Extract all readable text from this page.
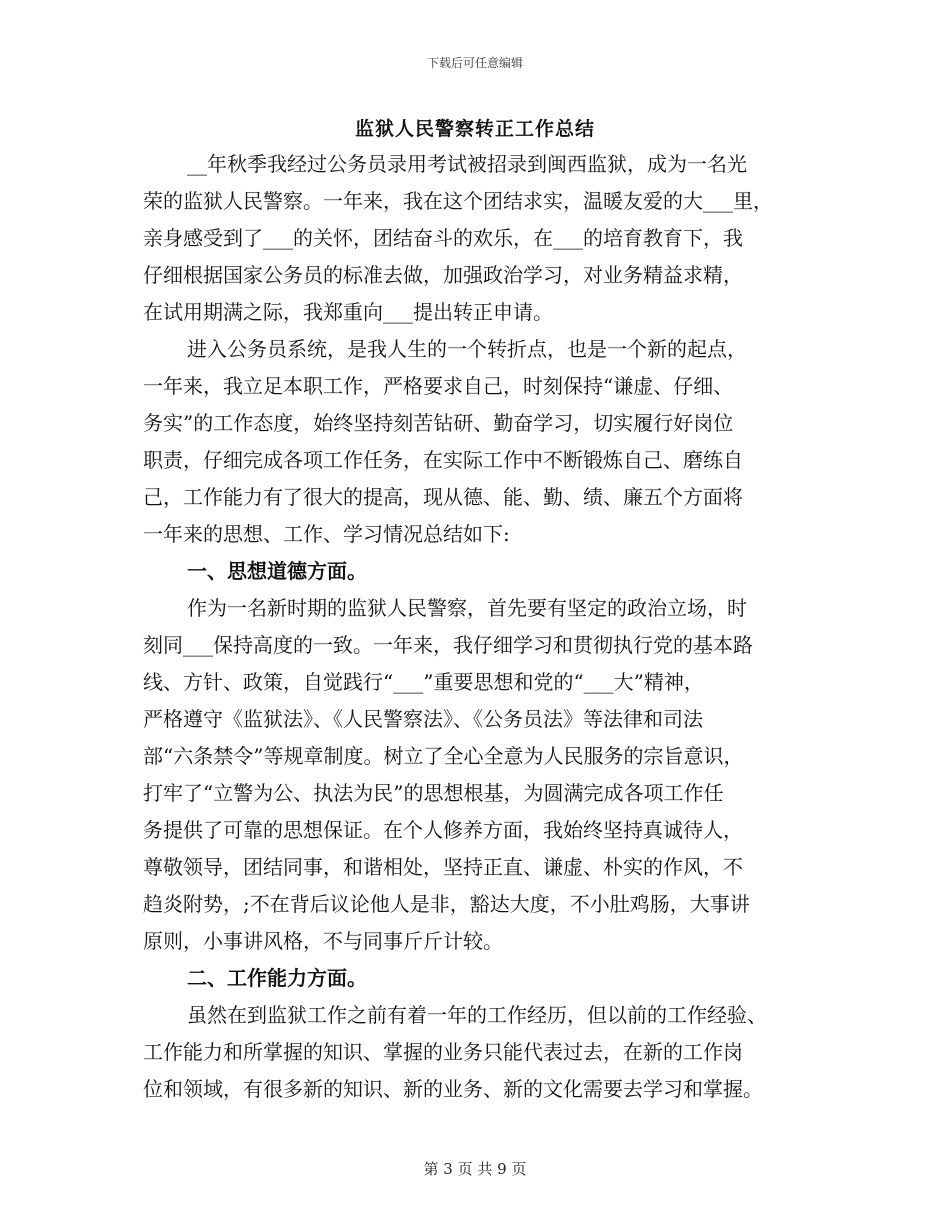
下载后可任意编辑
监狱人民警察转正工作总结
__年秋季我经过公务员录用考试被招录到闽西监狱，成为一名光
荣的监狱人民警察。一年来，我在这个团结求实，温暖友爱的大___里，
亲身感受到了___的关怀，团结奋斗的欢乐，在___的培育教育下，我
仔细根据国家公务员的标准去做，加强政治学习，对业务精益求精，
在试用期满之际，我郑重向___提出转正申请。
进入公务员系统，是我人生的一个转折点，也是一个新的起点，
一年来，我立足本职工作，严格要求自己，时刻保持“谦虚、仔细、
务实”的工作态度，始终坚持刻苦钻研、勤奋学习，切实履行好岗位
职责，仔细完成各项工作任务，在实际工作中不断锻炼自己、磨练自
己，工作能力有了很大的提高，现从德、能、勤、绩、廉五个方面将
一年来的思想、工作、学习情况总结如下:
一、思想道德方面。
作为一名新时期的监狱人民警察，首先要有坚定的政治立场，时
刻同___保持高度的一致。一年来，我仔细学习和贯彻执行党的基本路
线、方针、政策，自觉践行“___”重要思想和党的“___大”精神，
严格遵守《监狱法》、《人民警察法》、《公务员法》等法律和司法
部“六条禁令”等规章制度。树立了全心全意为人民服务的宗旨意识，
打牢了“立警为公、执法为民”的思想根基，为圆满完成各项工作任
务提供了可靠的思想保证。在个人修养方面，我始终坚持真诚待人，
尊敬领导，团结同事，和谐相处，坚持正直、谦虚、朴实的作风，不
趋炎附势，;不在背后议论他人是非，豁达大度，不小肚鸡肠，大事讲
原则，小事讲风格，不与同事斤斤计较。
二、工作能力方面。
虽然在到监狱工作之前有着一年的工作经历，但以前的工作经验、
工作能力和所掌握的知识、掌握的业务只能代表过去，在新的工作岗
位和领域，有很多新的知识、新的业务、新的文化需要去学习和掌握。
第 3 页 共 9 页
